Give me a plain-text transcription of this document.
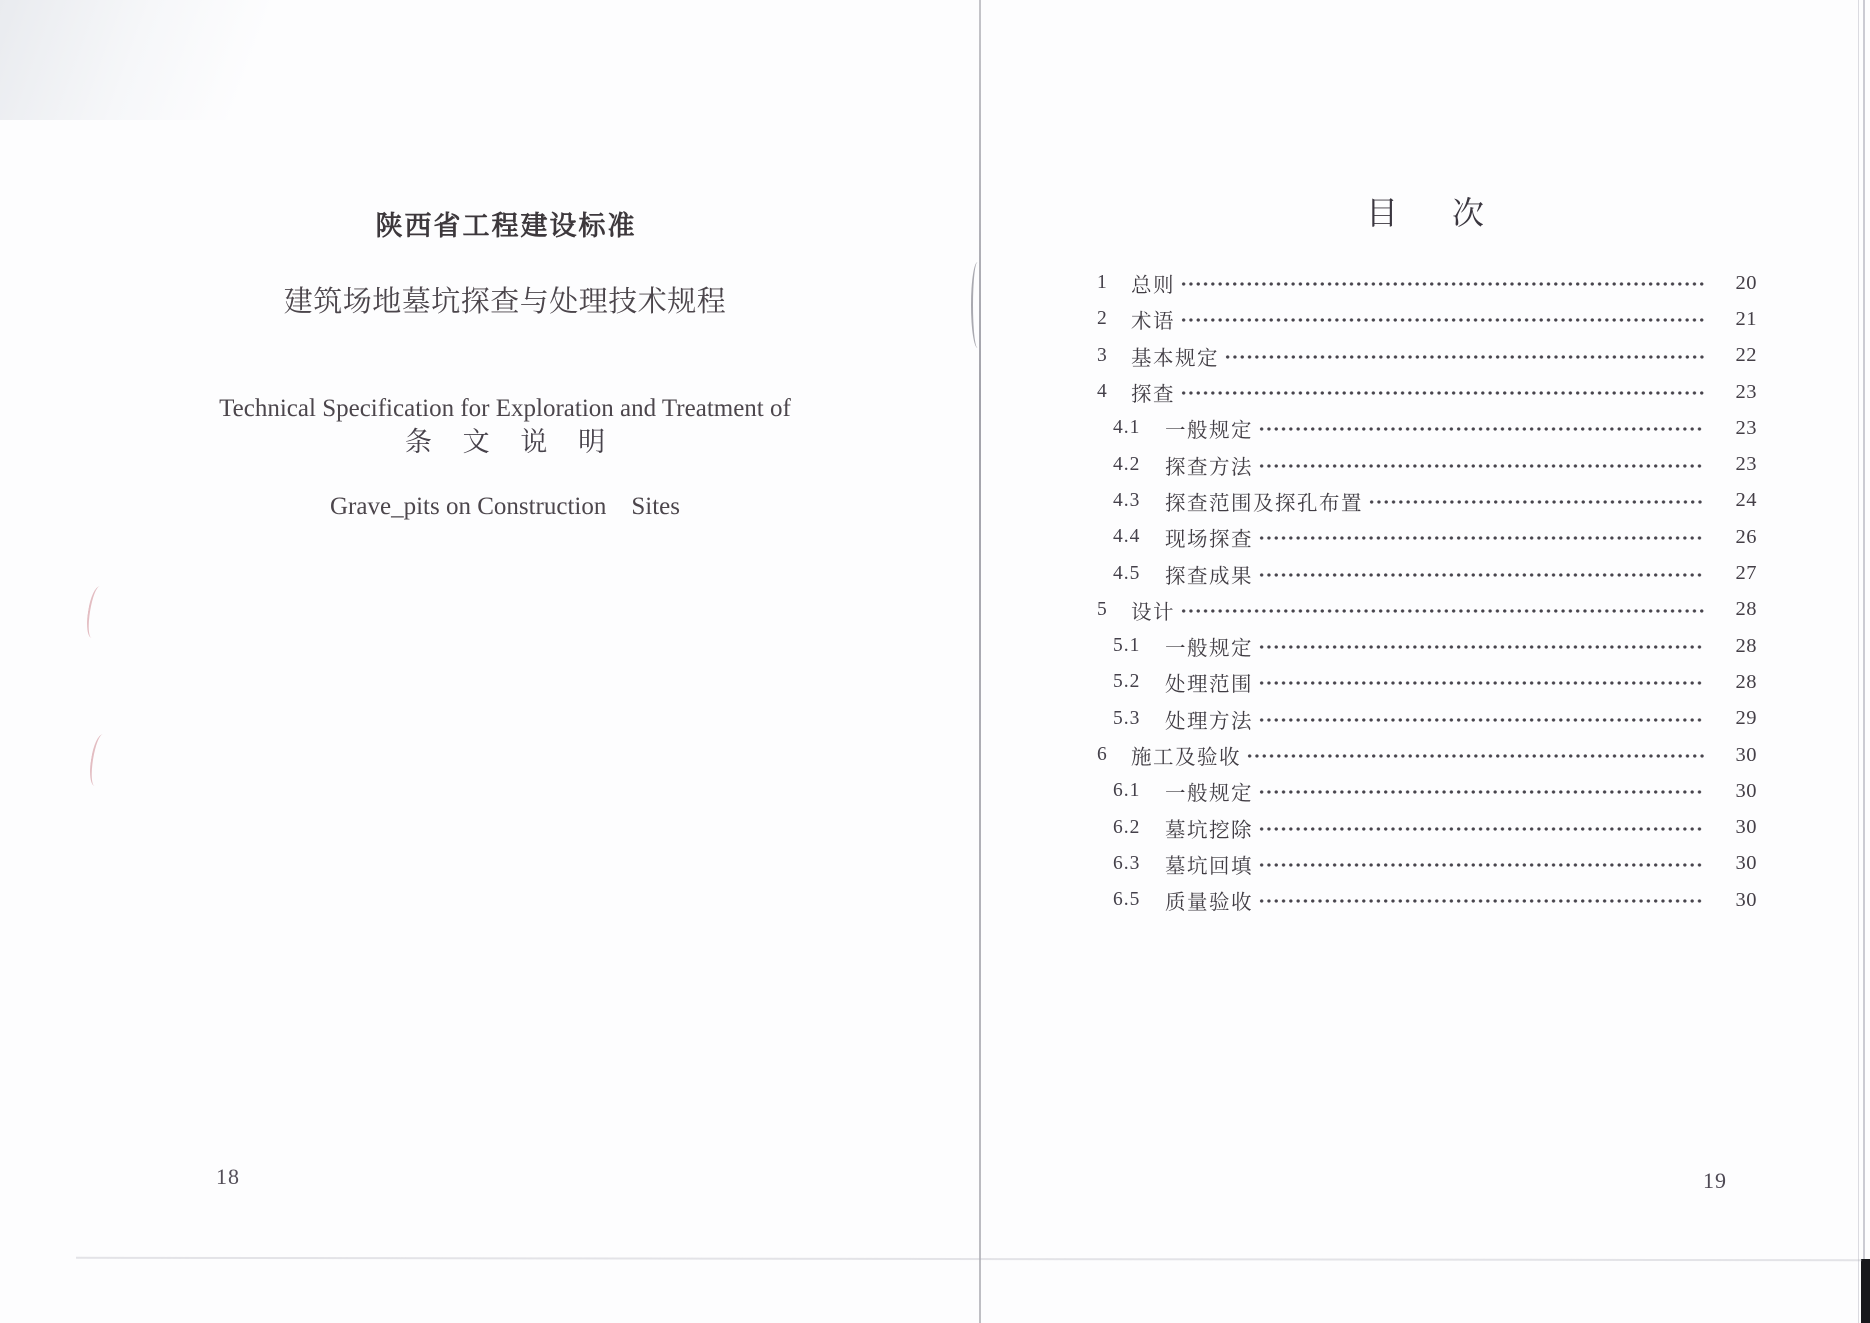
陕西省工程建设标准
建筑场地墓坑探查与处理技术规程

Technical Specification for Exploration and Treatment of

Grave_pits on Construction　Sites

条 文 说 明
18
目 次
1	总则	20
2	术语	21
3	基本规定	22
4	探查	23
4.1	一般规定	23
4.2	探查方法	23
4.3	探查范围及探孔布置	24
4.4	现场探查	26
4.5	探查成果	27
5	设计	28
5.1	一般规定	28
5.2	处理范围	28
5.3	处理方法	29
6	施工及验收	30
6.1	一般规定	30
6.2	墓坑挖除	30
6.3	墓坑回填	30
6.5	质量验收	30
19
